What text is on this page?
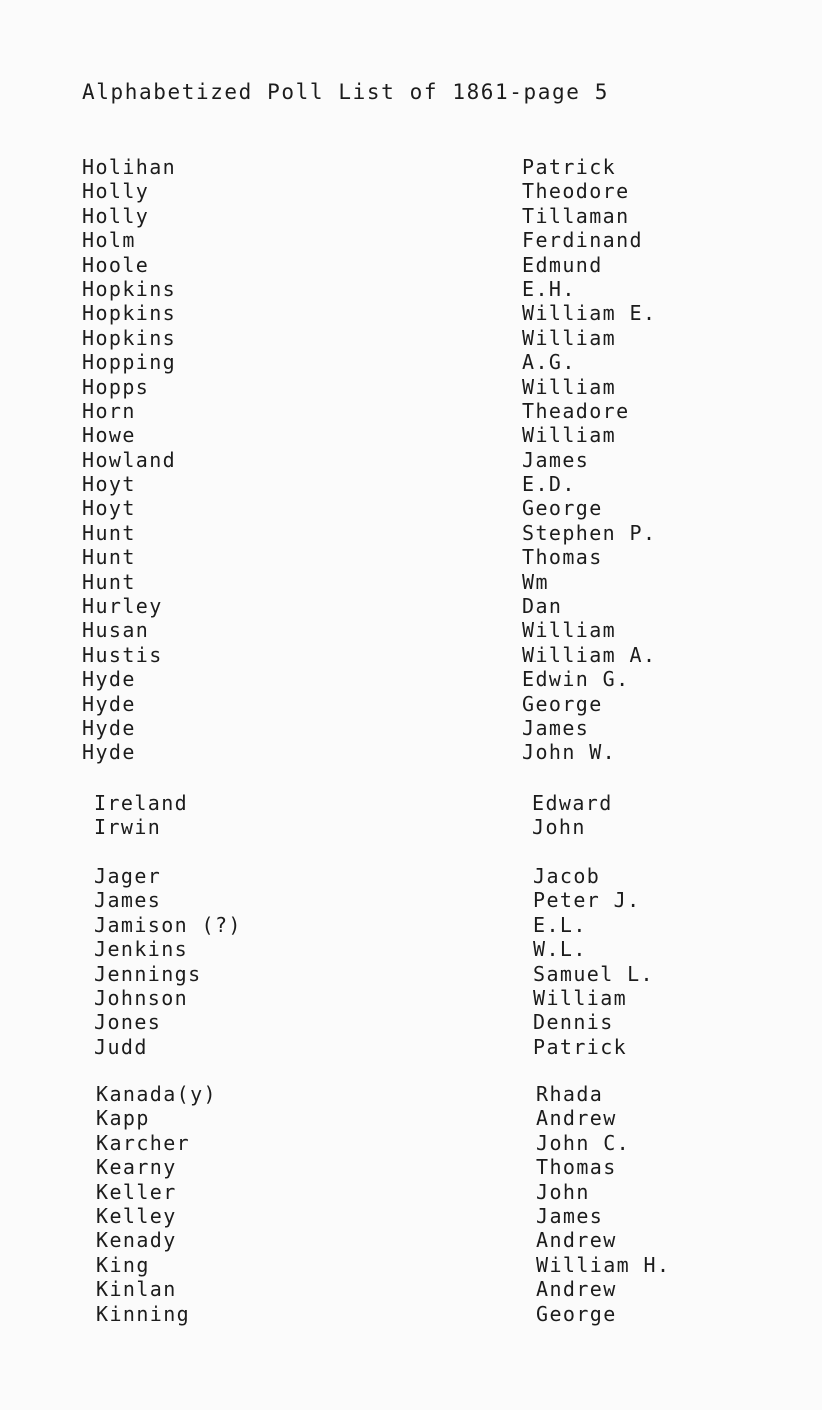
Alphabetized Poll List of 1861-page 5
Holihan	Patrick
Holly	Theodore
Holly	Tillaman
Holm	Ferdinand
Hoole	Edmund
Hopkins	E.H.
Hopkins	William E.
Hopkins	William
Hopping	A.G.
Hopps	William
Horn	Theadore
Howe	William
Howland	James
Hoyt	E.D.
Hoyt	George
Hunt	Stephen P.
Hunt	Thomas
Hunt	Wm
Hurley	Dan
Husan	William
Hustis	William A.
Hyde	Edwin G.
Hyde	George
Hyde	James
Hyde	John W.
Ireland	Edward
Irwin	John
Jager	Jacob
James	Peter J.
Jamison (?)	E.L.
Jenkins	W.L.
Jennings	Samuel L.
Johnson	William
Jones	Dennis
Judd	Patrick
Kanada(y)	Rhada
Kapp	Andrew
Karcher	John C.
Kearny	Thomas
Keller	John
Kelley	James
Kenady	Andrew
King	William H.
Kinlan	Andrew
Kinning	George
